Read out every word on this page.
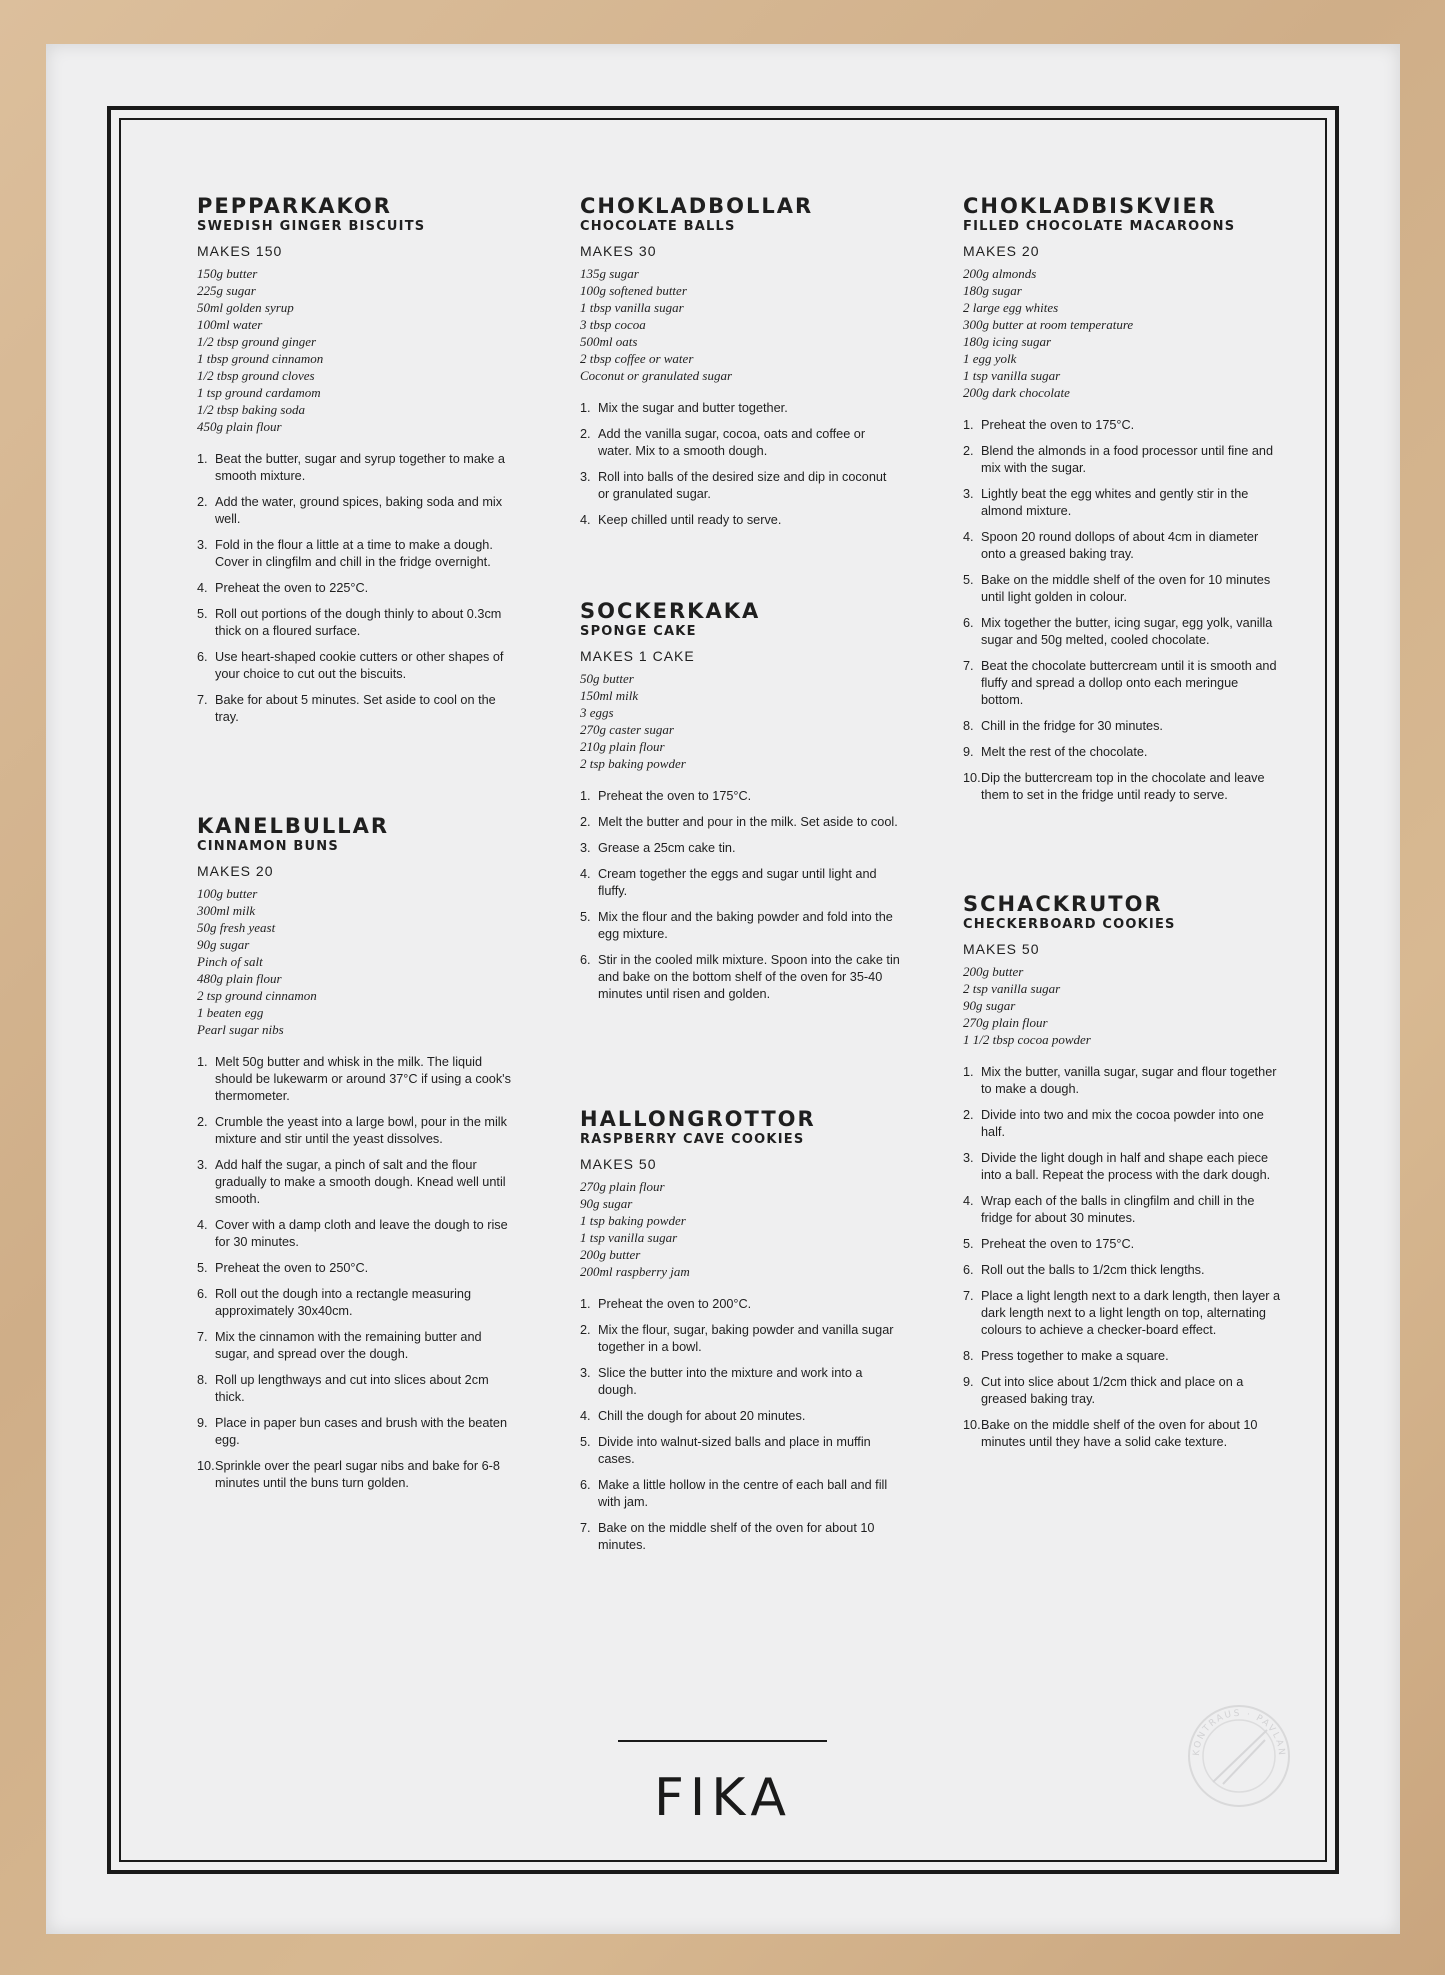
PEPPARKAKOR
SWEDISH GINGER BISCUITS
MAKES 150
150g butter
225g sugar
50ml golden syrup
100ml water
1/2 tbsp ground ginger
1 tbsp ground cinnamon
1/2 tbsp ground cloves
1 tsp ground cardamom
1/2 tbsp baking soda
450g plain flour
1. Beat the butter, sugar and syrup together to make a smooth mixture.
2. Add the water, ground spices, baking soda and mix well.
3. Fold in the flour a little at a time to make a dough. Cover in clingfilm and chill in the fridge overnight.
4. Preheat the oven to 225°C.
5. Roll out portions of the dough thinly to about 0.3cm thick on a floured surface.
6. Use heart-shaped cookie cutters or other shapes of your choice to cut out the biscuits.
7. Bake for about 5 minutes. Set aside to cool on the tray.
KANELBULLAR
CINNAMON BUNS
MAKES 20
100g butter
300ml milk
50g fresh yeast
90g sugar
Pinch of salt
480g plain flour
2 tsp ground cinnamon
1 beaten egg
Pearl sugar nibs
1. Melt 50g butter and whisk in the milk. The liquid should be lukewarm or around 37°C if using a cook's thermometer.
2. Crumble the yeast into a large bowl, pour in the milk mixture and stir until the yeast dissolves.
3. Add half the sugar, a pinch of salt and the flour gradually to make a smooth dough. Knead well until smooth.
4. Cover with a damp cloth and leave the dough to rise for 30 minutes.
5. Preheat the oven to 250°C.
6. Roll out the dough into a rectangle measuring approximately 30x40cm.
7. Mix the cinnamon with the remaining butter and sugar, and spread over the dough.
8. Roll up lengthways and cut into slices about 2cm thick.
9. Place in paper bun cases and brush with the beaten egg.
10. Sprinkle over the pearl sugar nibs and bake for 6-8 minutes until the buns turn golden.
CHOKLADBOLLAR
CHOCOLATE BALLS
MAKES 30
135g sugar
100g softened butter
1 tbsp vanilla sugar
3 tbsp cocoa
500ml oats
2 tbsp coffee or water
Coconut or granulated sugar
1. Mix the sugar and butter together.
2. Add the vanilla sugar, cocoa, oats and coffee or water. Mix to a smooth dough.
3. Roll into balls of the desired size and dip in coconut or granulated sugar.
4. Keep chilled until ready to serve.
SOCKERKAKA
SPONGE CAKE
MAKES 1 CAKE
50g butter
150ml milk
3 eggs
270g caster sugar
210g plain flour
2 tsp baking powder
1. Preheat the oven to 175°C.
2. Melt the butter and pour in the milk. Set aside to cool.
3. Grease a 25cm cake tin.
4. Cream together the eggs and sugar until light and fluffy.
5. Mix the flour and the baking powder and fold into the egg mixture.
6. Stir in the cooled milk mixture. Spoon into the cake tin and bake on the bottom shelf of the oven for 35-40 minutes until risen and golden.
HALLONGROTTOR
RASPBERRY CAVE COOKIES
MAKES 50
270g plain flour
90g sugar
1 tsp baking powder
1 tsp vanilla sugar
200g butter
200ml raspberry jam
1. Preheat the oven to 200°C.
2. Mix the flour, sugar, baking powder and vanilla sugar together in a bowl.
3. Slice the butter into the mixture and work into a dough.
4. Chill the dough for about 20 minutes.
5. Divide into walnut-sized balls and place in muffin cases.
6. Make a little hollow in the centre of each ball and fill with jam.
7. Bake on the middle shelf of the oven for about 10 minutes.
CHOKLADBISKVIER
FILLED CHOCOLATE MACAROONS
MAKES 20
200g almonds
180g sugar
2 large egg whites
300g butter at room temperature
180g icing sugar
1 egg yolk
1 tsp vanilla sugar
200g dark chocolate
1. Preheat the oven to 175°C.
2. Blend the almonds in a food processor until fine and mix with the sugar.
3. Lightly beat the egg whites and gently stir in the almond mixture.
4. Spoon 20 round dollops of about 4cm in diameter onto a greased baking tray.
5. Bake on the middle shelf of the oven for 10 minutes until light golden in colour.
6. Mix together the butter, icing sugar, egg yolk, vanilla sugar and 50g melted, cooled chocolate.
7. Beat the chocolate buttercream until it is smooth and fluffy and spread a dollop onto each meringue bottom.
8. Chill in the fridge for 30 minutes.
9. Melt the rest of the chocolate.
10. Dip the buttercream top in the chocolate and leave them to set in the fridge until ready to serve.
SCHACKRUTOR
CHECKERBOARD COOKIES
MAKES 50
200g butter
2 tsp vanilla sugar
90g sugar
270g plain flour
1 1/2 tbsp cocoa powder
1. Mix the butter, vanilla sugar, sugar and flour together to make a dough.
2. Divide into two and mix the cocoa powder into one half.
3. Divide the light dough in half and shape each piece into a ball. Repeat the process with the dark dough.
4. Wrap each of the balls in clingfilm and chill in the fridge for about 30 minutes.
5. Preheat the oven to 175°C.
6. Roll out the balls to 1/2cm thick lengths.
7. Place a light length next to a dark length, then layer a dark length next to a light length on top, alternating colours to achieve a checker-board effect.
8. Press together to make a square.
9. Cut into slice about 1/2cm thick and place on a greased baking tray.
10. Bake on the middle shelf of the oven for about 10 minutes until they have a solid cake texture.
FIKA
KONTRAUS · PAVLAN
